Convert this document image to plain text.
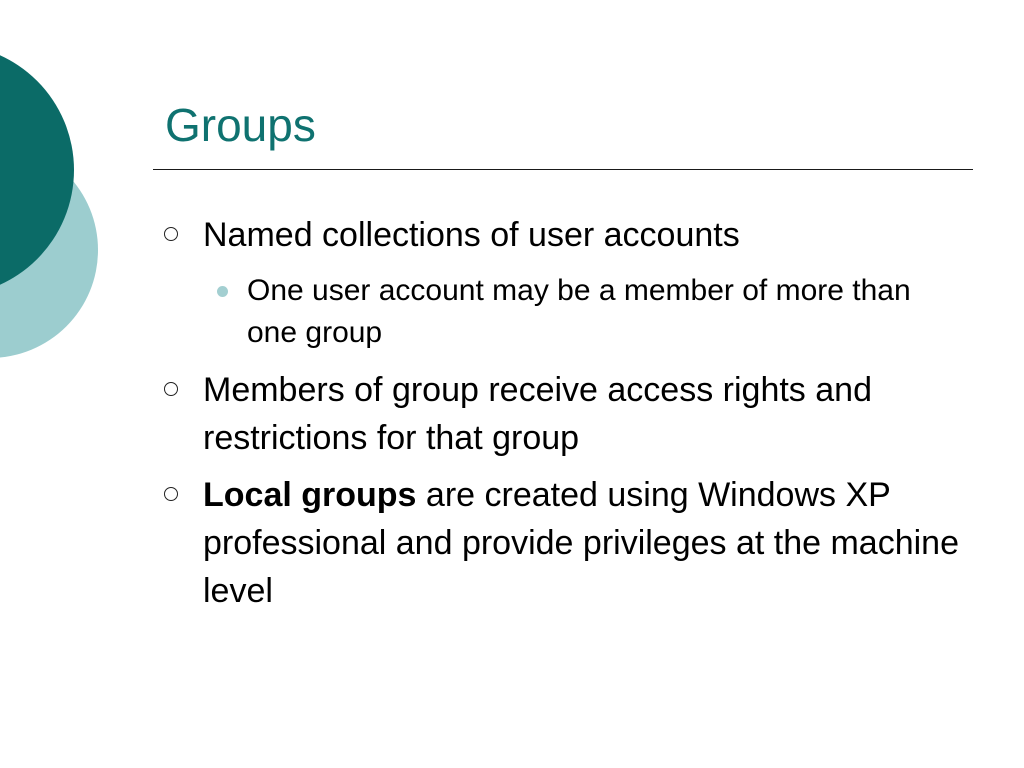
Groups
Named collections of user accounts
One user account may be a member of more than one group
Members of group receive access rights and restrictions for that group
Local groups are created using Windows XP professional and provide privileges at the machine level
